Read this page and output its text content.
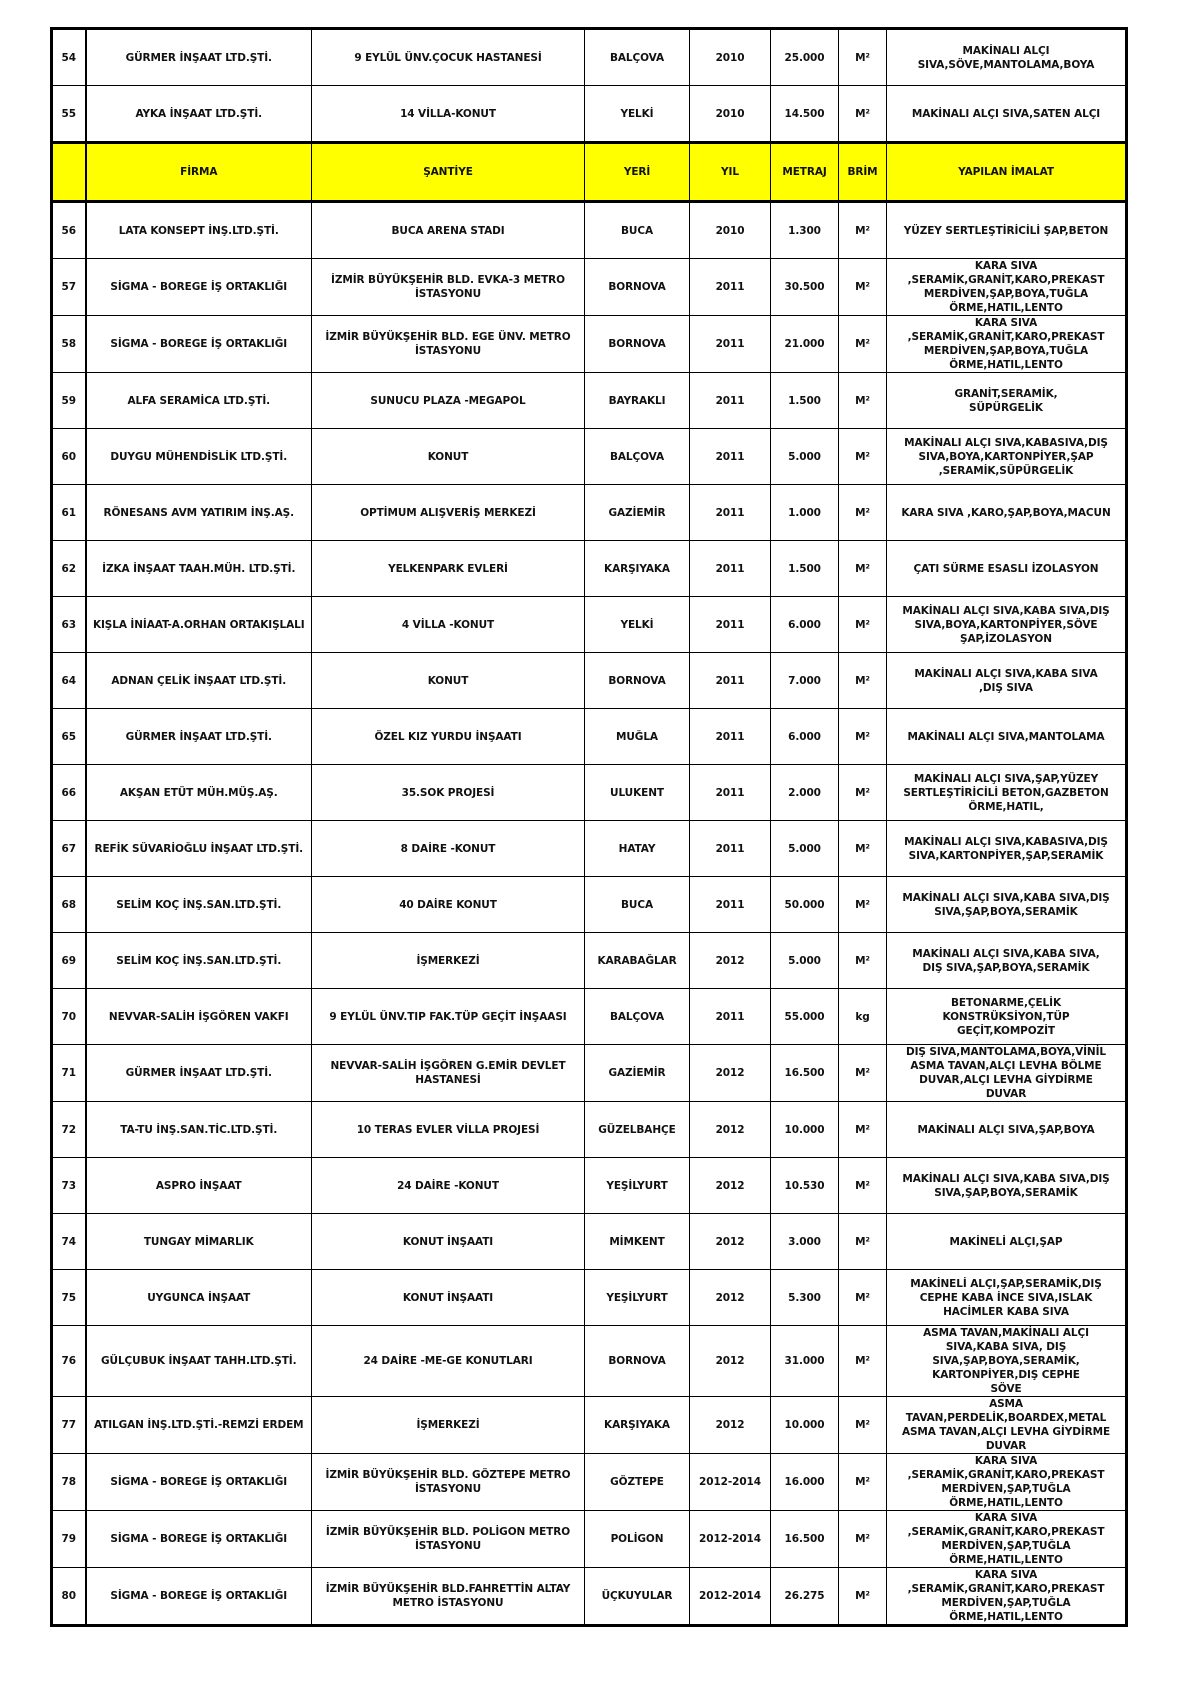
54	GÜRMER İNŞAAT LTD.ŞTİ.	9 EYLÜL ÜNV.ÇOCUK HASTANESİ	BALÇOVA	2010	25.000	M²	MAKİNALI ALÇI
SIVA,SÖVE,MANTOLAMA,BOYA
55	AYKA İNŞAAT LTD.ŞTİ.	14 VİLLA-KONUT	YELKİ	2010	14.500	M²	MAKİNALI ALÇI SIVA,SATEN ALÇI
	FİRMA	ŞANTİYE	YERİ	YIL	METRAJ	BRİM	YAPILAN İMALAT
56	LATA KONSEPT İNŞ.LTD.ŞTİ.	BUCA ARENA STADI	BUCA	2010	1.300	M²	YÜZEY SERTLEŞTİRİCİLİ ŞAP,BETON
57	SİGMA - BOREGE İŞ ORTAKLIĞI	İZMİR BÜYÜKŞEHİR BLD. EVKA-3 METRO İSTASYONU	BORNOVA	2011	30.500	M²	KARA SIVA
,SERAMİK,GRANİT,KARO,PREKAST
MERDİVEN,ŞAP,BOYA,TUĞLA
ÖRME,HATIL,LENTO
58	SİGMA - BOREGE İŞ ORTAKLIĞI	İZMİR BÜYÜKŞEHİR BLD. EGE ÜNV. METRO İSTASYONU	BORNOVA	2011	21.000	M²	KARA SIVA
,SERAMİK,GRANİT,KARO,PREKAST
MERDİVEN,ŞAP,BOYA,TUĞLA
ÖRME,HATIL,LENTO
59	ALFA SERAMİCA LTD.ŞTİ.	SUNUCU PLAZA -MEGAPOL	BAYRAKLI	2011	1.500	M²	GRANİT,SERAMİK,
SÜPÜRGELİK
60	DUYGU MÜHENDİSLİK LTD.ŞTİ.	KONUT	BALÇOVA	2011	5.000	M²	MAKİNALI ALÇI SIVA,KABASIVA,DIŞ
SIVA,BOYA,KARTONPİYER,ŞAP
,SERAMİK,SÜPÜRGELİK
61	RÖNESANS AVM YATIRIM İNŞ.AŞ.	OPTİMUM ALIŞVERİŞ MERKEZİ	GAZİEMİR	2011	1.000	M²	KARA SIVA ,KARO,ŞAP,BOYA,MACUN
62	İZKA İNŞAAT TAAH.MÜH. LTD.ŞTİ.	YELKENPARK EVLERİ	KARŞIYAKA	2011	1.500	M²	ÇATI SÜRME ESASLI İZOLASYON
63	KIŞLA İNİAAT-A.ORHAN ORTAKIŞLALI	4 VİLLA -KONUT	YELKİ	2011	6.000	M²	MAKİNALI ALÇI SIVA,KABA SIVA,DIŞ
SIVA,BOYA,KARTONPİYER,SÖVE
ŞAP,İZOLASYON
64	ADNAN ÇELİK İNŞAAT LTD.ŞTİ.	KONUT	BORNOVA	2011	7.000	M²	MAKİNALI ALÇI SIVA,KABA SIVA
,DIŞ SIVA
65	GÜRMER İNŞAAT LTD.ŞTİ.	ÖZEL KIZ YURDU İNŞAATI	MUĞLA	2011	6.000	M²	MAKİNALI ALÇI SIVA,MANTOLAMA
66	AKŞAN ETÜT MÜH.MÜŞ.AŞ.	35.SOK PROJESİ	ULUKENT	2011	2.000	M²	MAKİNALI ALÇI SIVA,ŞAP,YÜZEY
SERTLEŞTİRİCİLİ BETON,GAZBETON
ÖRME,HATIL,
67	REFİK SÜVARİOĞLU İNŞAAT LTD.ŞTİ.	8 DAİRE -KONUT	HATAY	2011	5.000	M²	MAKİNALI ALÇI SIVA,KABASIVA,DIŞ
SIVA,KARTONPİYER,ŞAP,SERAMİK
68	SELİM KOÇ İNŞ.SAN.LTD.ŞTİ.	40 DAİRE KONUT	BUCA	2011	50.000	M²	MAKİNALI ALÇI SIVA,KABA SIVA,DIŞ
SIVA,ŞAP,BOYA,SERAMİK
69	SELİM KOÇ İNŞ.SAN.LTD.ŞTİ.	İŞMERKEZİ	KARABAĞLAR	2012	5.000	M²	MAKİNALI ALÇI SIVA,KABA SIVA,
DIŞ SIVA,ŞAP,BOYA,SERAMİK
70	NEVVAR-SALİH İŞGÖREN VAKFI	9 EYLÜL ÜNV.TIP FAK.TÜP GEÇİT İNŞAASI	BALÇOVA	2011	55.000	kg	BETONARME,ÇELİK
KONSTRÜKSİYON,TÜP
GEÇİT,KOMPOZİT
71	GÜRMER İNŞAAT LTD.ŞTİ.	NEVVAR-SALİH İŞGÖREN G.EMİR DEVLET HASTANESİ	GAZİEMİR	2012	16.500	M²	DIŞ SIVA,MANTOLAMA,BOYA,VİNİL
ASMA TAVAN,ALÇI LEVHA BÖLME
DUVAR,ALÇI LEVHA GİYDİRME
DUVAR
72	TA-TU İNŞ.SAN.TİC.LTD.ŞTİ.	10 TERAS EVLER VİLLA PROJESİ	GÜZELBAHÇE	2012	10.000	M²	MAKİNALI ALÇI SIVA,ŞAP,BOYA
73	ASPRO İNŞAAT	24 DAİRE -KONUT	YEŞİLYURT	2012	10.530	M²	MAKİNALI ALÇI SIVA,KABA SIVA,DIŞ
SIVA,ŞAP,BOYA,SERAMİK
74	TUNGAY MİMARLIK	KONUT İNŞAATI	MİMKENT	2012	3.000	M²	MAKİNELİ ALÇI,ŞAP
75	UYGUNCA İNŞAAT	KONUT İNŞAATI	YEŞİLYURT	2012	5.300	M²	MAKİNELİ ALÇI,ŞAP,SERAMİK,DIŞ
CEPHE KABA İNCE SIVA,ISLAK
HACİMLER KABA SIVA
76	GÜLÇUBUK İNŞAAT TAHH.LTD.ŞTİ.	24 DAİRE -ME-GE KONUTLARI	BORNOVA	2012	31.000	M²	ASMA TAVAN,MAKİNALI ALÇI
SIVA,KABA SIVA, DIŞ
SIVA,ŞAP,BOYA,SERAMİK,
KARTONPİYER,DIŞ CEPHE
SÖVE
77	ATILGAN İNŞ.LTD.ŞTİ.-REMZİ ERDEM	İŞMERKEZİ	KARŞIYAKA	2012	10.000	M²	ASMA
TAVAN,PERDELİK,BOARDEX,METAL
ASMA TAVAN,ALÇI LEVHA GİYDİRME
DUVAR
78	SİGMA - BOREGE İŞ ORTAKLIĞI	İZMİR BÜYÜKŞEHİR BLD. GÖZTEPE METRO İSTASYONU	GÖZTEPE	2012-2014	16.000	M²	KARA SIVA
,SERAMİK,GRANİT,KARO,PREKAST
MERDİVEN,ŞAP,TUĞLA
ÖRME,HATIL,LENTO
79	SİGMA - BOREGE İŞ ORTAKLIĞI	İZMİR BÜYÜKŞEHİR BLD. POLİGON METRO İSTASYONU	POLİGON	2012-2014	16.500	M²	KARA SIVA
,SERAMİK,GRANİT,KARO,PREKAST
MERDİVEN,ŞAP,TUĞLA
ÖRME,HATIL,LENTO
80	SİGMA - BOREGE İŞ ORTAKLIĞI	İZMİR BÜYÜKŞEHİR BLD.FAHRETTİN ALTAY METRO İSTASYONU	ÜÇKUYULAR	2012-2014	26.275	M²	KARA SIVA
,SERAMİK,GRANİT,KARO,PREKAST
MERDİVEN,ŞAP,TUĞLA
ÖRME,HATIL,LENTO
